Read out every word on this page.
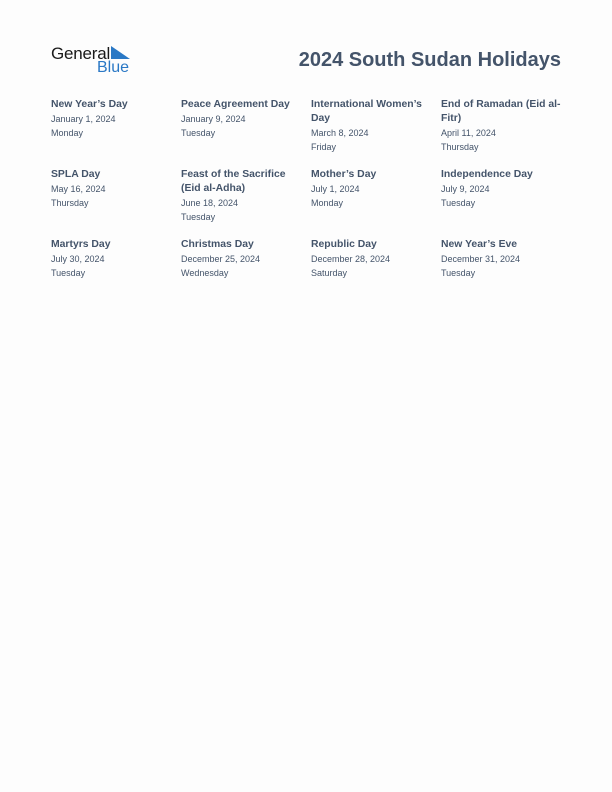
General
Blue	2024 South Sudan Holidays
New Year’s Day
January 1, 2024
Monday
Peace Agreement Day
January 9, 2024
Tuesday
International Women’s Day
March 8, 2024
Friday
End of Ramadan (Eid al-Fitr)
April 11, 2024
Thursday
SPLA Day
May 16, 2024
Thursday
Feast of the Sacrifice (Eid al-Adha)
June 18, 2024
Tuesday
Mother’s Day
July 1, 2024
Monday
Independence Day
July 9, 2024
Tuesday
Martyrs Day
July 30, 2024
Tuesday
Christmas Day
December 25, 2024
Wednesday
Republic Day
December 28, 2024
Saturday
New Year’s Eve
December 31, 2024
Tuesday
